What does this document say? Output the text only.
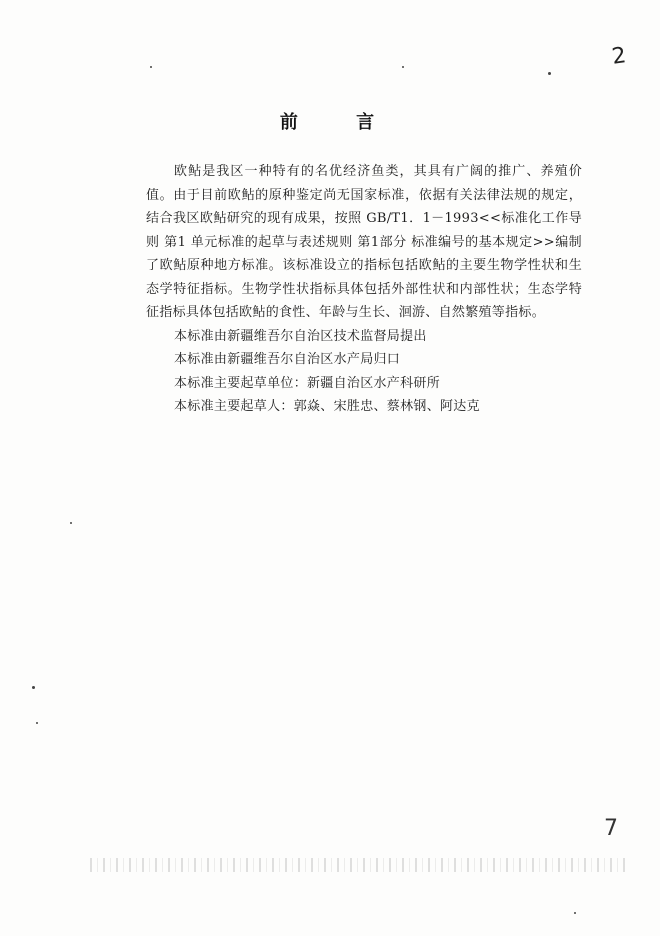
2
前 言

欧鲇是我区一种特有的名优经济鱼类，其具有广阔的推广、养殖价值。由于目前欧鲇的原种鉴定尚无国家标准，依据有关法律法规的规定，结合我区欧鲇研究的现有成果，按照 GB/T1．1－1993<<标准化工作导则 第1 单元标准的起草与表述规则 第1部分 标准编号的基本规定>>编制了欧鲇原种地方标准。该标准设立的指标包括欧鲇的主要生物学性状和生态学特征指标。生物学性状指标具体包括外部性状和内部性状；生态学特征指标具体包括欧鲇的食性、年龄与生长、洄游、自然繁殖等指标。

本标准由新疆维吾尔自治区技术监督局提出

本标准由新疆维吾尔自治区水产局归口

本标准主要起草单位：新疆自治区水产科研所

本标准主要起草人：郭焱、宋胜忠、蔡林钢、阿达克

7
